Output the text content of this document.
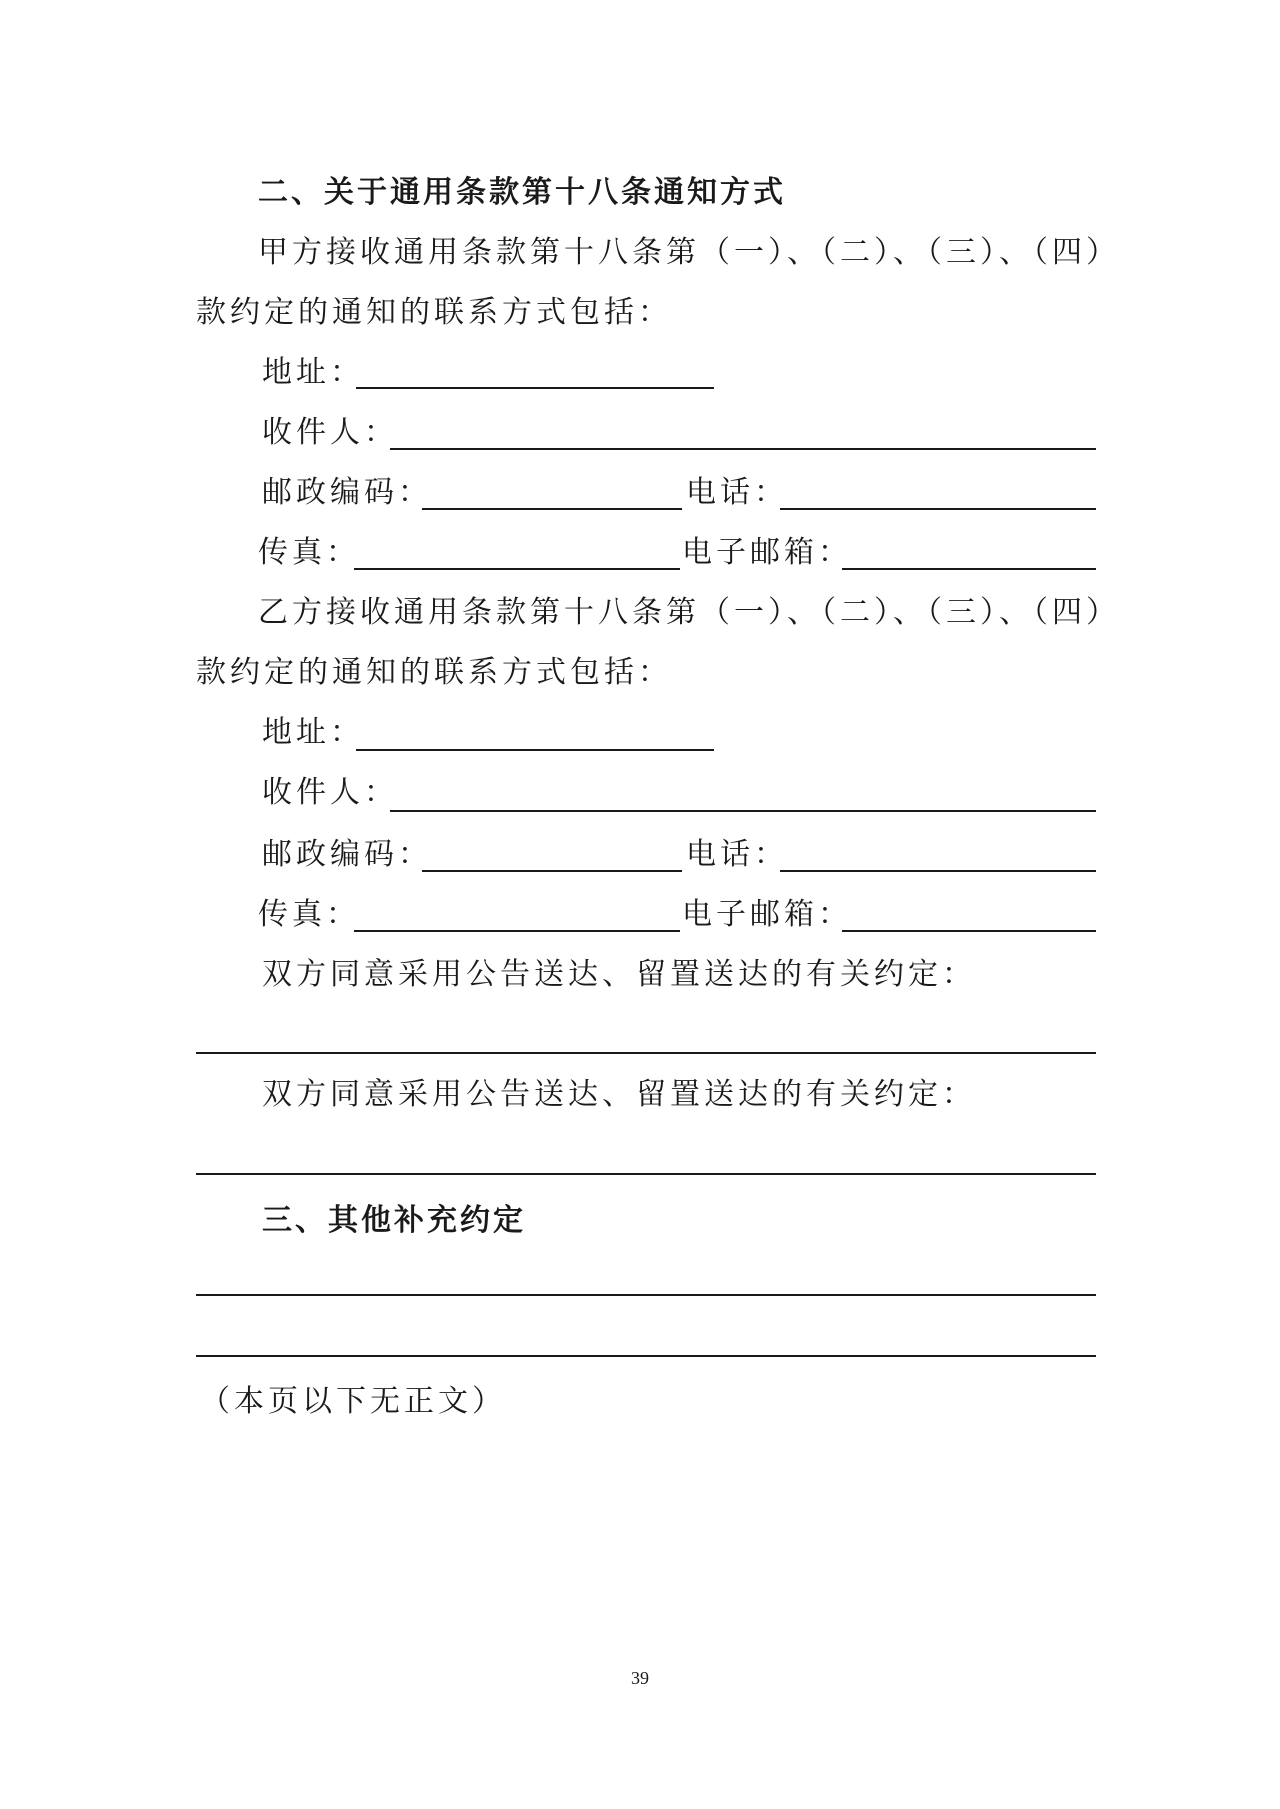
二、关于通用条款第十八条通知方式
甲方接收通用条款第十八条第（一）、（二）、（三）、（四）
款约定的通知的联系方式包括：
地址：
收件人：
邮政编码：	电话：
传真：	电子邮箱：
乙方接收通用条款第十八条第（一）、（二）、（三）、（四）
款约定的通知的联系方式包括：
地址：
收件人：
邮政编码：	电话：
传真：	电子邮箱：
双方同意采用公告送达、留置送达的有关约定：
双方同意采用公告送达、留置送达的有关约定：
三、其他补充约定
（本页以下无正文）
39
